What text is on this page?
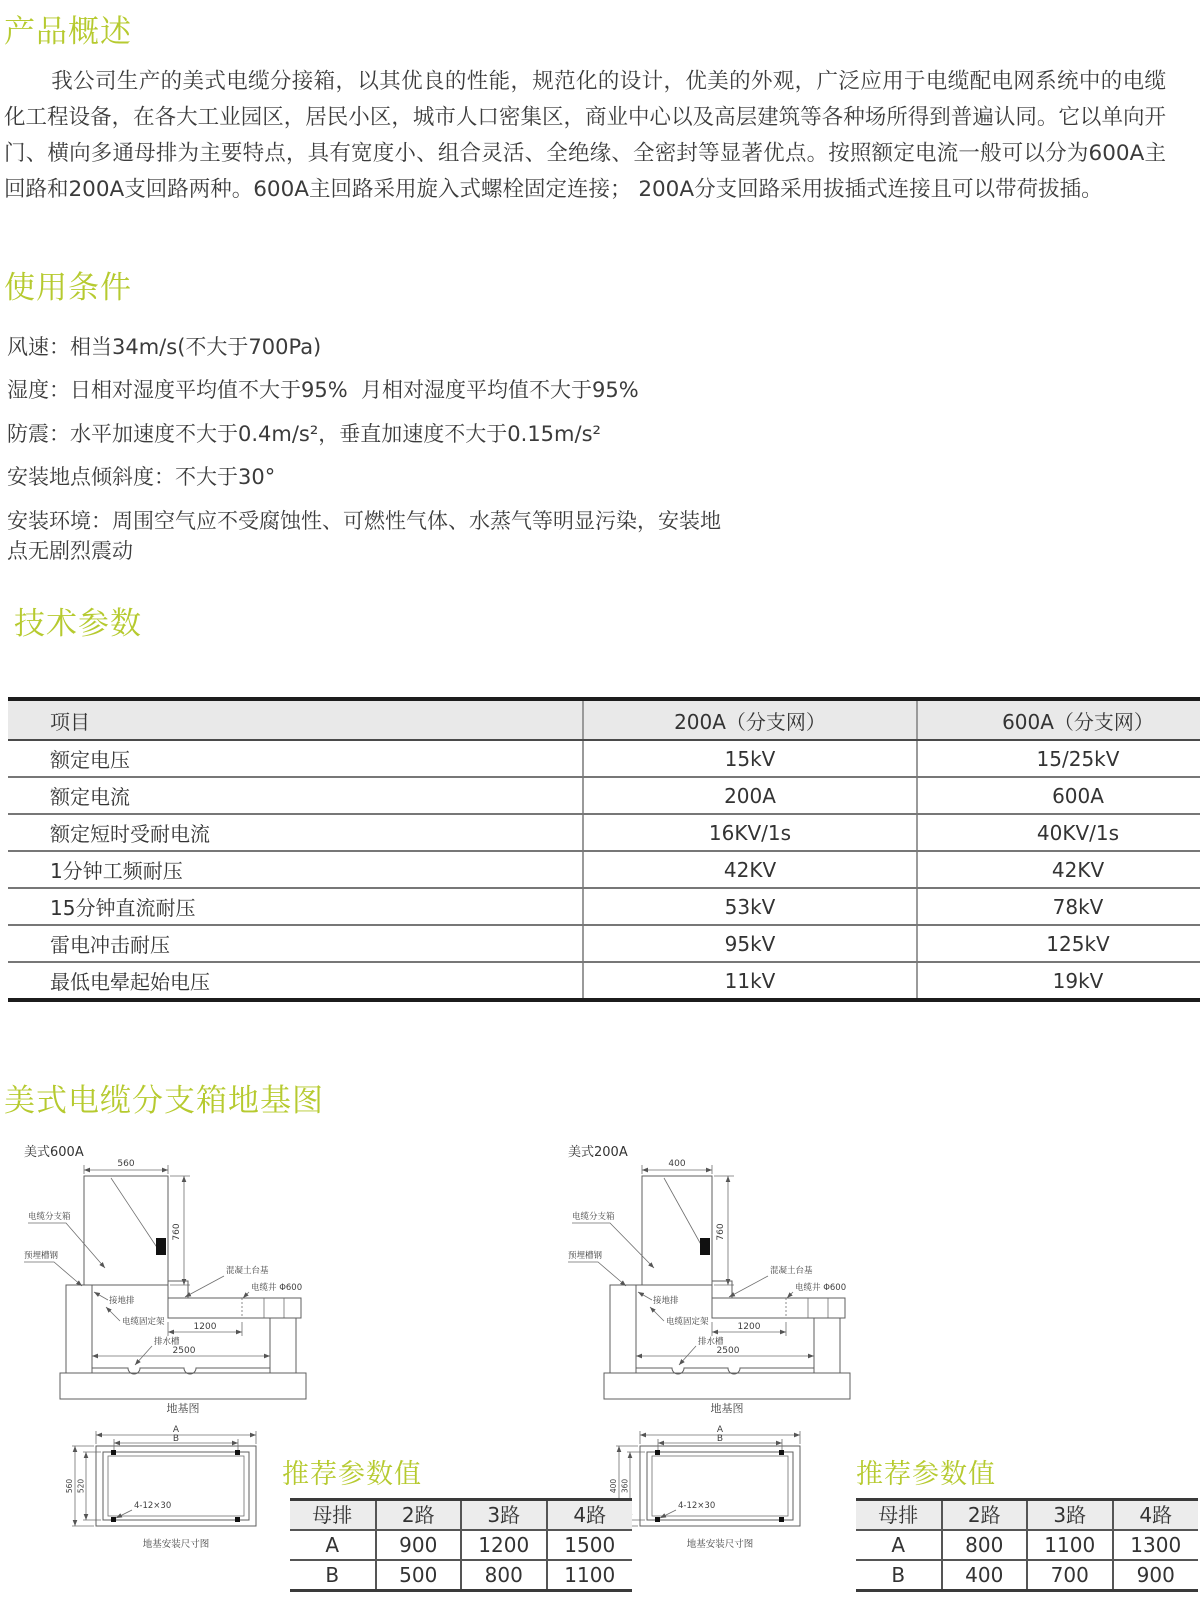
产品概述
我公司生产的美式电缆分接箱，以其优良的性能，规范化的设计，优美的外观，广泛应用于电缆配电网系统中的电缆化工程设备，在各大工业园区，居民小区，城市人口密集区，商业中心以及高层建筑等各种场所得到普遍认同。它以单向开门、横向多通母排为主要特点，具有宽度小、组合灵活、全绝缘、全密封等显著优点。按照额定电流一般可以分为600A主回路和200A支回路两种。600A主回路采用旋入式螺栓固定连接； 200A分支回路采用拔插式连接且可以带荷拔插。
使用条件
风速：相当34m/s(不大于700Pa)
湿度：日相对湿度平均值不大于95%  月相对湿度平均值不大于95%
防震：水平加速度不大于0.4m/s²，垂直加速度不大于0.15m/s²
安装地点倾斜度：不大于30°
安装环境：周围空气应不受腐蚀性、可燃性气体、水蒸气等明显污染，安装地点无剧烈震动
技术参数
项目	200A（分支网）	600A（分支网）
额定电压	15kV	15/25kV
额定电流	200A	600A
额定短时受耐电流	16KV/1s	40KV/1s
1分钟工频耐压	42KV	42KV
15分钟直流耐压	53kV	78kV
雷电冲击耐压	95kV	125kV
最低电晕起始电压	11kV	19kV
美式电缆分支箱地基图
美式600A
560
760
1200
2500
电缆分支箱
预埋槽钢
接地排
电缆固定架
混凝土台基
电缆井 Φ600
排水槽
地基图
A
B
560 520
4-12×30
地基安装尺寸图
美式200A
400
760
1200
2500
电缆分支箱
预埋槽钢
接地排
电缆固定架
混凝土台基
电缆井 Φ600
排水槽
地基图
A
B
400 360
4-12×30
地基安装尺寸图
推荐参数值
母排	2路	3路	4路
A	900	1200	1500
B	500	800	1100
推荐参数值
母排	2路	3路	4路
A	800	1100	1300
B	400	700	900
